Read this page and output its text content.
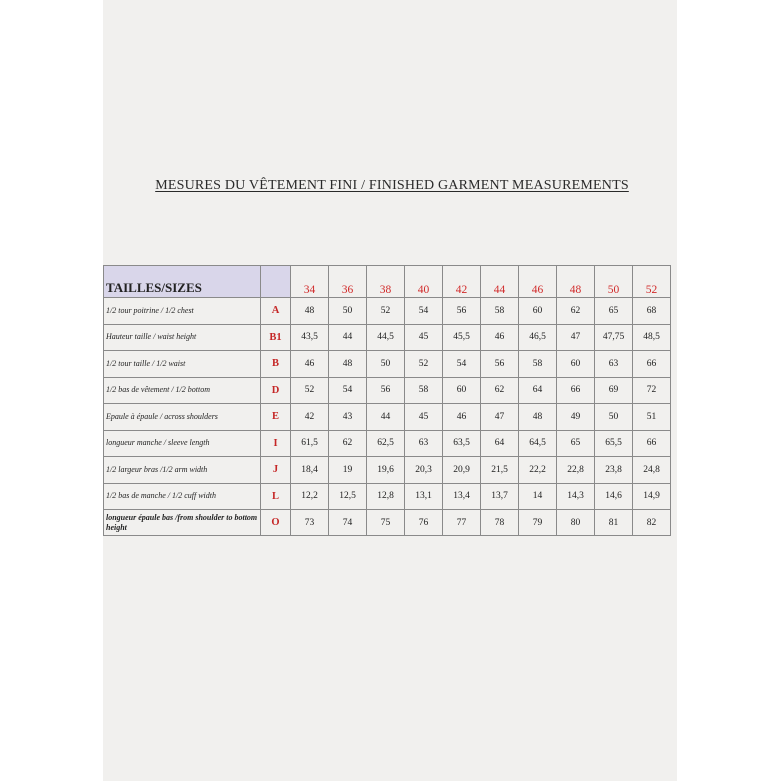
MESURES DU VÊTEMENT FINI / FINISHED GARMENT MEASUREMENTS
TAILLES/SIZES		34	36	38	40	42	44	46	48	50	52
1/2 tour poitrine / 1/2 chest	A	48	50	52	54	56	58	60	62	65	68
Hauteur taille / waist height	B1	43,5	44	44,5	45	45,5	46	46,5	47	47,75	48,5
1/2 tour taille / 1/2 waist	B	46	48	50	52	54	56	58	60	63	66
1/2 bas de vêtement / 1/2 bottom	D	52	54	56	58	60	62	64	66	69	72
Epaule à épaule / across shoulders	E	42	43	44	45	46	47	48	49	50	51
longueur manche / sleeve length	I	61,5	62	62,5	63	63,5	64	64,5	65	65,5	66
1/2 largeur bras /1/2 arm width	J	18,4	19	19,6	20,3	20,9	21,5	22,2	22,8	23,8	24,8
1/2 bas de manche / 1/2 cuff width	L	12,2	12,5	12,8	13,1	13,4	13,7	14	14,3	14,6	14,9
longueur épaule bas /from shoulder to bottom height	O	73	74	75	76	77	78	79	80	81	82
